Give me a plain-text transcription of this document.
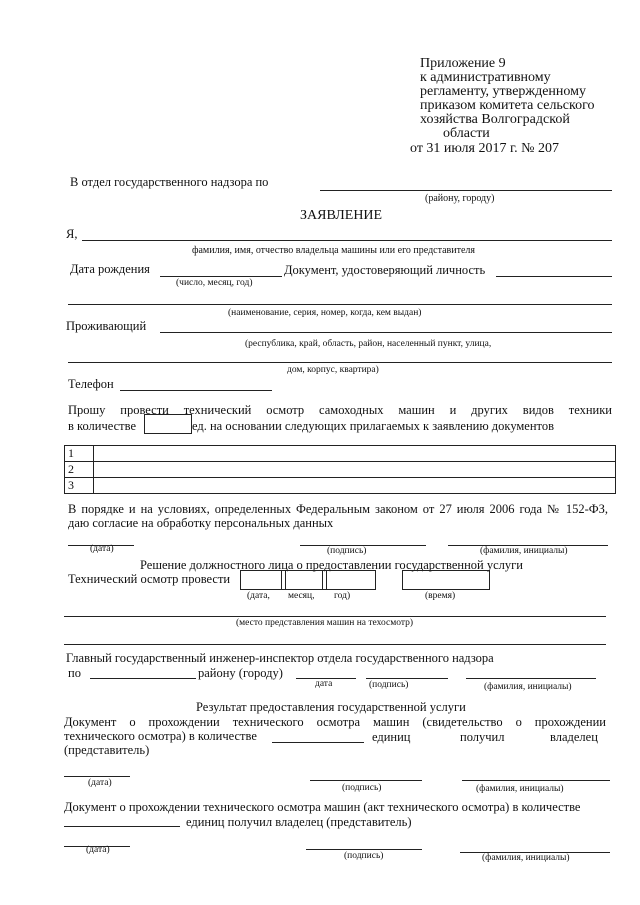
Приложение 9
к административному
регламенту, утвержденному
приказом комитета сельского
хозяйства Волгоградской
области
от 31 июля 2017 г. № 207
В отдел государственного надзора по
(району, городу)
ЗАЯВЛЕНИЕ
Я,
фамилия, имя, отчество владельца машины или его представителя
Дата рождения	Документ, удостоверяющий личность
(число, месяц, год)
(наименование, серия, номер, когда, кем выдан)
Проживающий
(республика, край, область, район, населенный пункт, улица,
дом, корпус, квартира)
Телефон
Прошу провести технический осмотр самоходных машин и других видов техники
в количестве	ед. на основании следующих прилагаемых к заявлению документов
1	
2	
3	
В порядке и на условиях, определенных Федеральным законом от 27 июля 2006 года № 152-ФЗ,
даю согласие на обработку персональных данных
(дата)	(подпись)	(фамилия, инициалы)
Решение должностного лица о предоставлении государственной услуги
Технический осмотр провести
(дата, месяц, год)	(время)
(место представления машин на техосмотр)
Главный государственный инженер-инспектор отдела государственного надзора
по	району (городу)
дата	(подпись)	(фамилия, инициалы)
Результат предоставления государственной услуги
Документ о прохождении технического осмотра машин (свидетельство о прохождении
технического осмотра) в количестве	единиц	получил	владелец
(представитель)
(дата)	(подпись)	(фамилия, инициалы)
Документ о прохождении технического осмотра машин (акт технического осмотра) в количестве
единиц получил владелец (представитель)
(дата)
(подпись)	(фамилия, инициалы)
